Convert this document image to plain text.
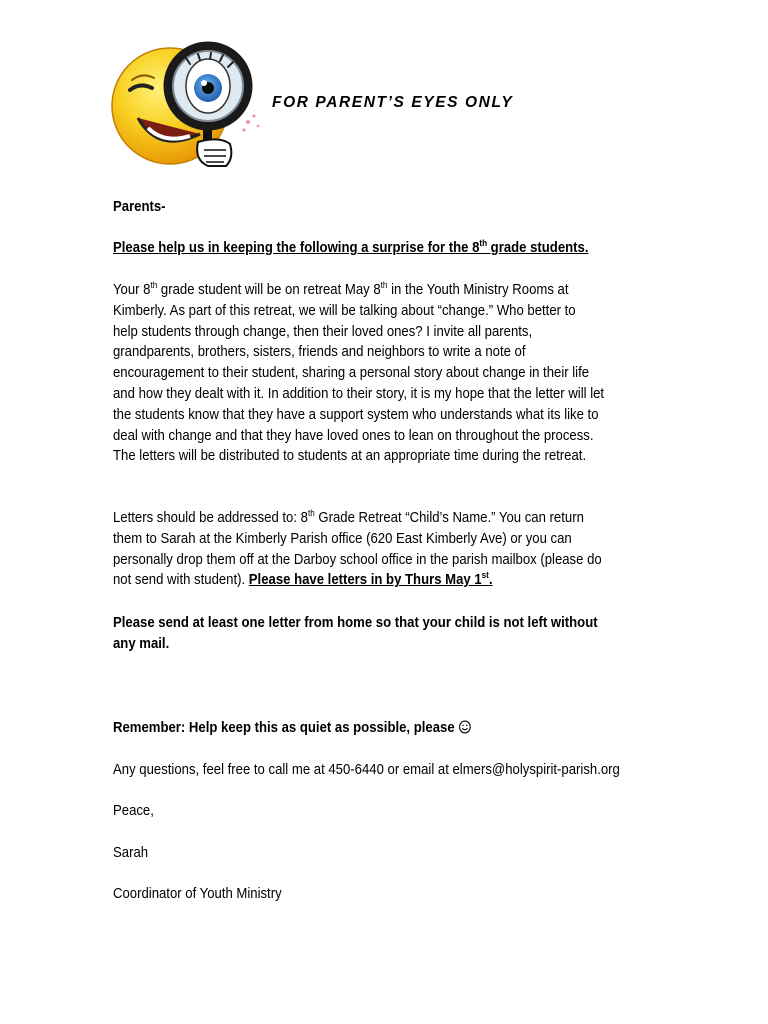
FOR PARENT’S EYES ONLY
Parents-
Please help us in keeping the following a surprise for the 8th grade students.
Your 8th grade student will be on retreat May 8th in the Youth Ministry Rooms at
Kimberly. As part of this retreat, we will be talking about “change.” Who better to
help students through change, then their loved ones? I invite all parents,
grandparents, brothers, sisters, friends and neighbors to write a note of
encouragement to their student, sharing a personal story about change in their life
and how they dealt with it. In addition to their story, it is my hope that the letter will let
the students know that they have a support system who understands what its like to
deal with change and that they have loved ones to lean on throughout the process.
The letters will be distributed to students at an appropriate time during the retreat.
Letters should be addressed to: 8th Grade Retreat “Child’s Name.” You can return
them to Sarah at the Kimberly Parish office (620 East Kimberly Ave) or you can
personally drop them off at the Darboy school office in the parish mailbox (please do
not send with student). Please have letters in by Thurs May 1st.
Please send at least one letter from home so that your child is not left without
any mail.
Remember: Help keep this as quiet as possible, please
Any questions, feel free to call me at 450-6440 or email at elmers@holyspirit-parish.org
Peace,
Sarah
Coordinator of Youth Ministry
